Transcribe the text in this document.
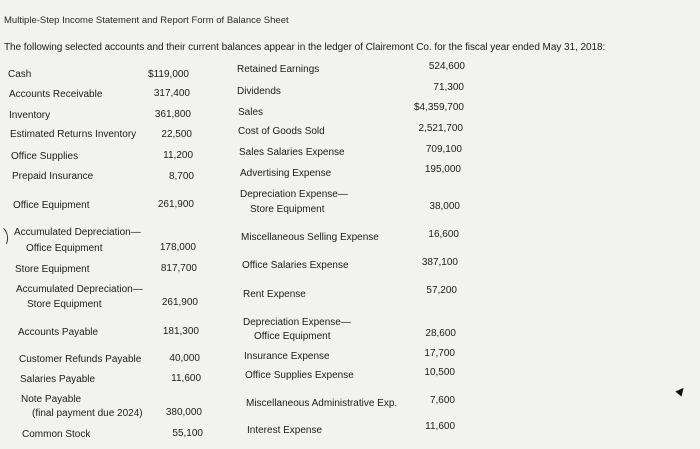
Multiple-Step Income Statement and Report Form of Balance Sheet
The following selected accounts and their current balances appear in the ledger of Clairemont Co. for the fiscal year ended May 31, 2018:
Cash
Accounts Receivable
Inventory
Estimated Returns Inventory
Office Supplies
Prepaid Insurance
Office Equipment
Accumulated Depreciation—
Office Equipment
Store Equipment
Accumulated Depreciation—
Store Equipment
Accounts Payable
Customer Refunds Payable
Salaries Payable
Note Payable
(final payment due 2024)
Common Stock
$119,000
317,400
361,800
22,500
11,200
8,700
261,900
178,000
817,700
261,900
181,300
40,000
11,600
380,000
55,100
Retained Earnings
Dividends
Sales
Cost of Goods Sold
Sales Salaries Expense
Advertising Expense
Depreciation Expense—
Store Equipment
Miscellaneous Selling Expense
Office Salaries Expense
Rent Expense
Depreciation Expense—
Office Equipment
Insurance Expense
Office Supplies Expense
Miscellaneous Administrative Exp.
Interest Expense
524,600
71,300
$4,359,700
2,521,700
709,100
195,000
38,000
16,600
387,100
57,200
28,600
17,700
10,500
7,600
11,600
